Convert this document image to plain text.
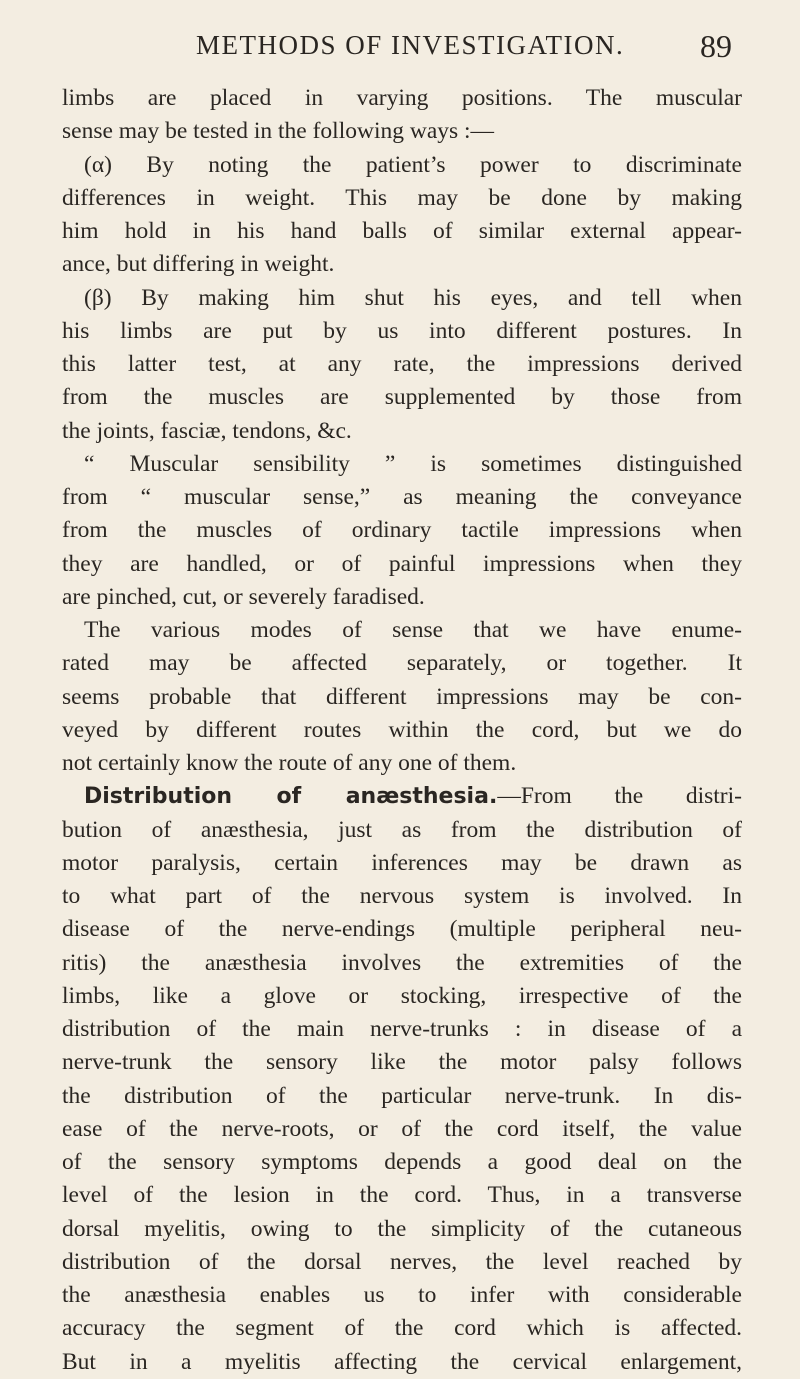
METHODS OF INVESTIGATION. 89
limbs are placed in varying positions. The muscular
sense may be tested in the following ways :—
(α) By noting the patient’s power to discriminate
differences in weight. This may be done by making
him hold in his hand balls of similar external appear-
ance, but differing in weight.
(β) By making him shut his eyes, and tell when
his limbs are put by us into different postures. In
this latter test, at any rate, the impressions derived
from the muscles are supplemented by those from
the joints, fasciæ, tendons, &c.
“ Muscular sensibility ” is sometimes distinguished
from “ muscular sense,” as meaning the conveyance
from the muscles of ordinary tactile impressions when
they are handled, or of painful impressions when they
are pinched, cut, or severely faradised.
The various modes of sense that we have enume-
rated may be affected separately, or together. It
seems probable that different impressions may be con-
veyed by different routes within the cord, but we do
not certainly know the route of any one of them.
Distribution of anæsthesia.—From the distri-
bution of anæsthesia, just as from the distribution of
motor paralysis, certain inferences may be drawn as
to what part of the nervous system is involved. In
disease of the nerve-endings (multiple peripheral neu-
ritis) the anæsthesia involves the extremities of the
limbs, like a glove or stocking, irrespective of the
distribution of the main nerve-trunks : in disease of a
nerve-trunk the sensory like the motor palsy follows
the distribution of the particular nerve-trunk. In dis-
ease of the nerve-roots, or of the cord itself, the value
of the sensory symptoms depends a good deal on the
level of the lesion in the cord. Thus, in a transverse
dorsal myelitis, owing to the simplicity of the cutaneous
distribution of the dorsal nerves, the level reached by
the anæsthesia enables us to infer with considerable
accuracy the segment of the cord which is affected.
But in a myelitis affecting the cervical enlargement,
